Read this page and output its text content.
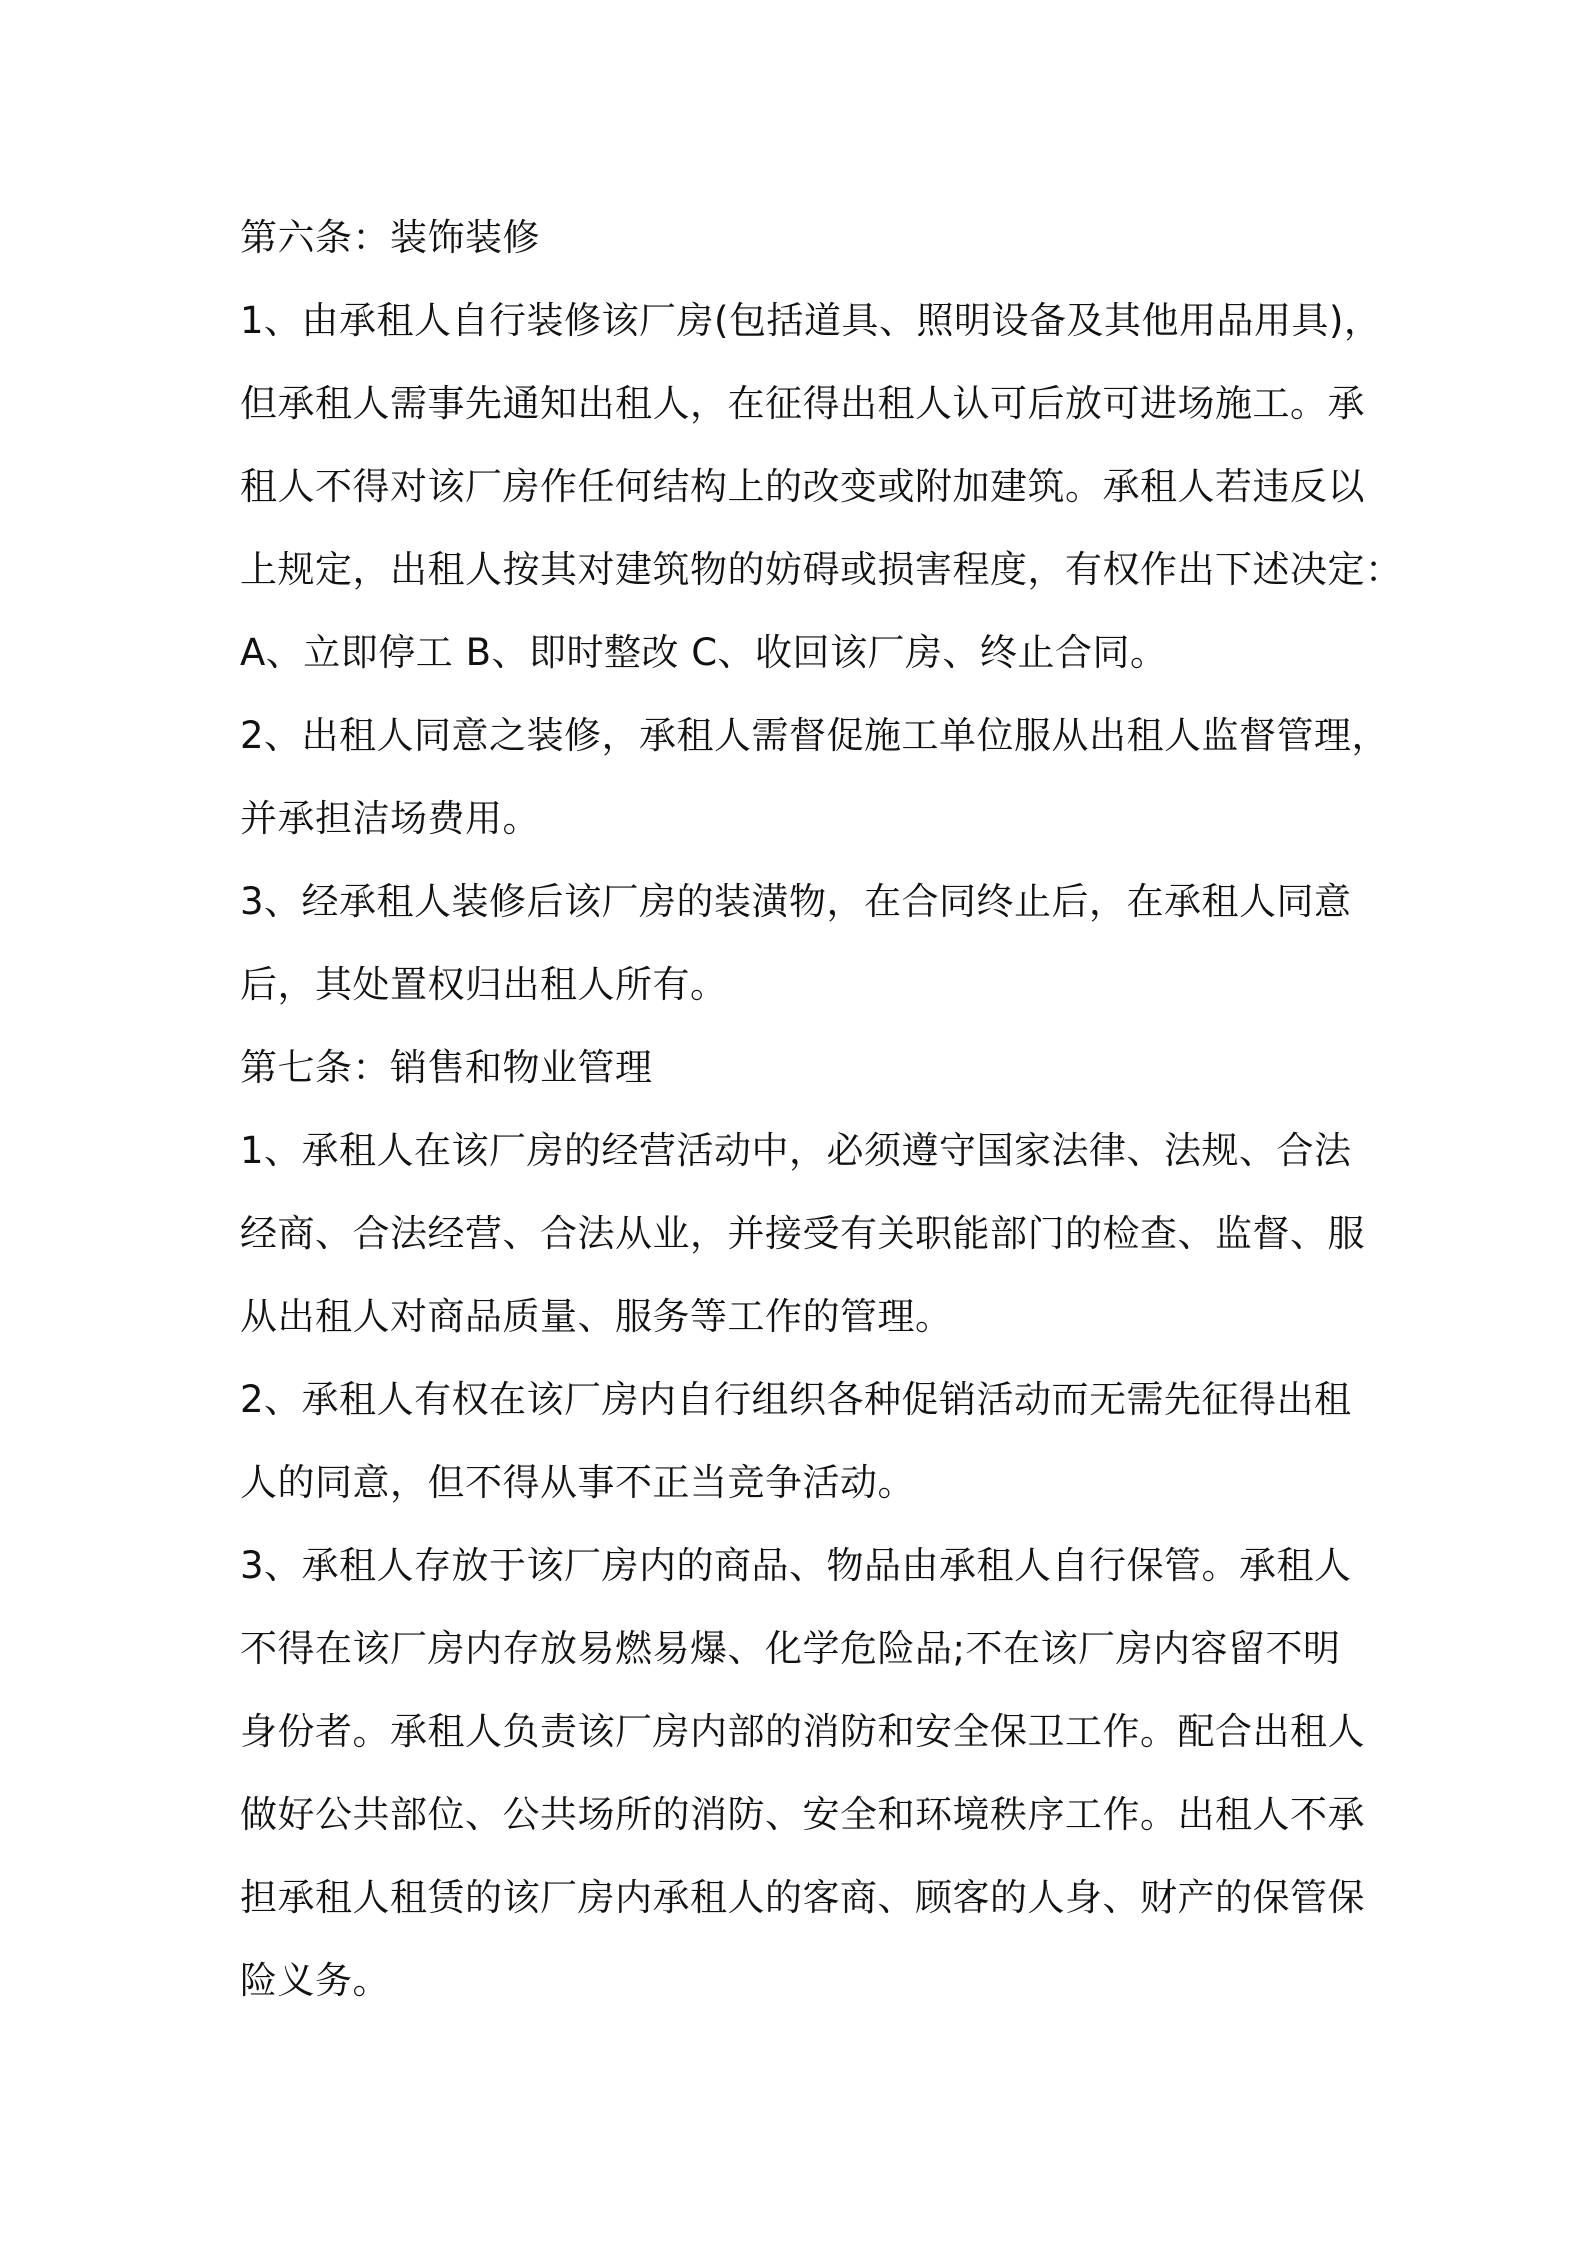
第六条：装饰装修
1、由承租人自行装修该厂房(包括道具、照明设备及其他用品用具)，
但承租人需事先通知出租人，在征得出租人认可后放可进场施工。承
租人不得对该厂房作任何结构上的改变或附加建筑。承租人若违反以
上规定，出租人按其对建筑物的妨碍或损害程度，有权作出下述决定：
A、立即停工 B、即时整改 C、收回该厂房、终止合同。
2、出租人同意之装修，承租人需督促施工单位服从出租人监督管理，
并承担洁场费用。
3、经承租人装修后该厂房的装潢物，在合同终止后，在承租人同意
后，其处置权归出租人所有。
第七条：销售和物业管理
1、承租人在该厂房的经营活动中，必须遵守国家法律、法规、合法
经商、合法经营、合法从业，并接受有关职能部门的检查、监督、服
从出租人对商品质量、服务等工作的管理。
2、承租人有权在该厂房内自行组织各种促销活动而无需先征得出租
人的同意，但不得从事不正当竞争活动。
3、承租人存放于该厂房内的商品、物品由承租人自行保管。承租人
不得在该厂房内存放易燃易爆、化学危险品;不在该厂房内容留不明
身份者。承租人负责该厂房内部的消防和安全保卫工作。配合出租人
做好公共部位、公共场所的消防、安全和环境秩序工作。出租人不承
担承租人租赁的该厂房内承租人的客商、顾客的人身、财产的保管保
险义务。
